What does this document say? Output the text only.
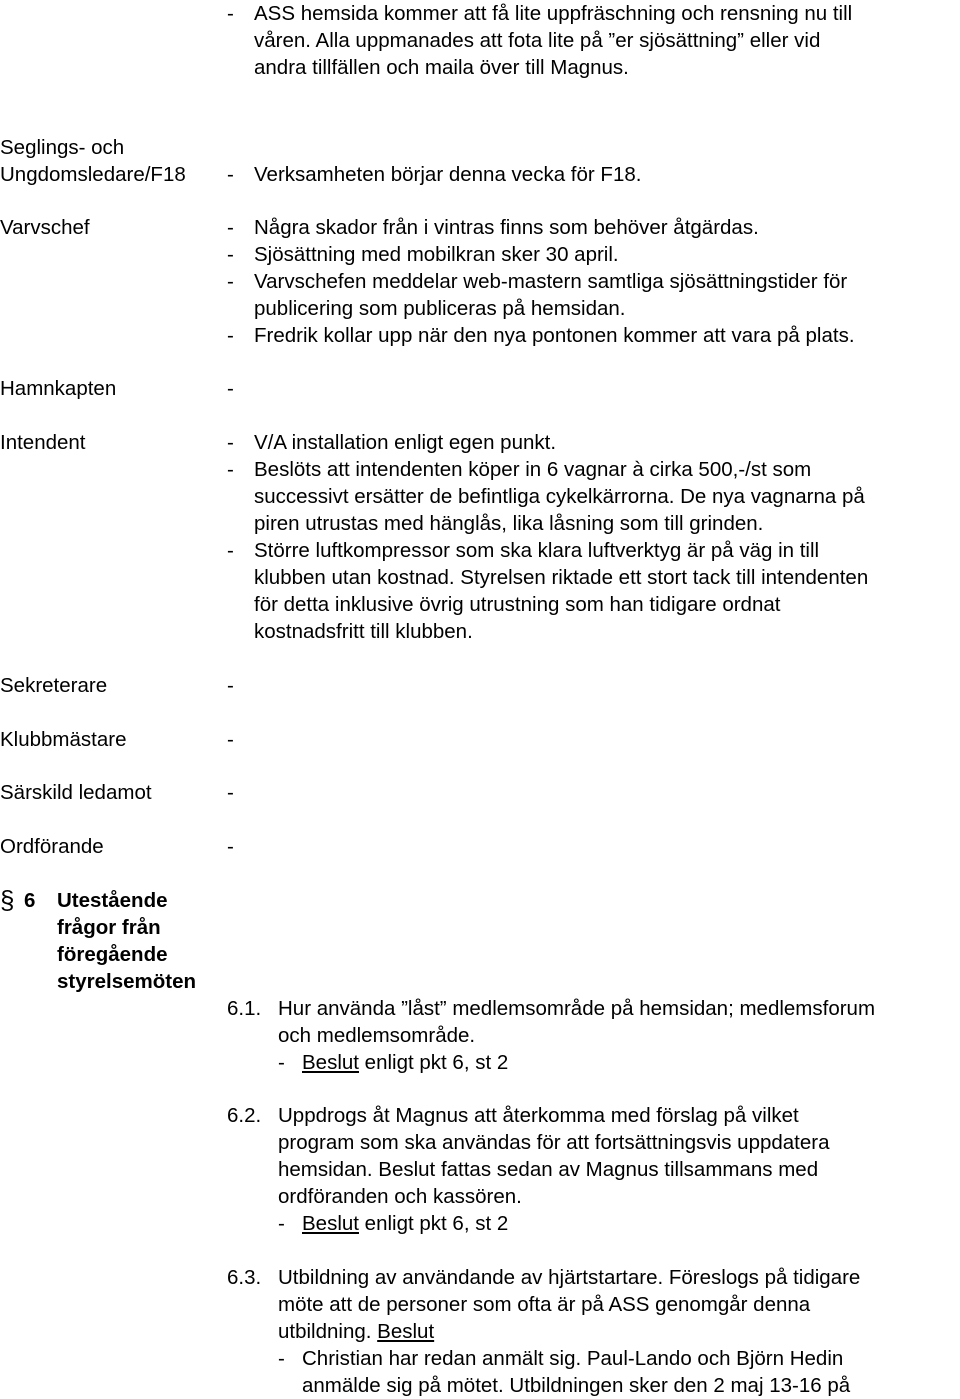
- ASS hemsida kommer att få lite uppfräschning och rensning nu till
våren. Alla uppmanades att fota lite på ”er sjösättning” eller vid
andra tillfällen och maila över till Magnus.
Seglings- och
Ungdomsledare/F18 - Verksamheten börjar denna vecka för F18.
Varvschef	- Några skador från i vintras finns som behöver åtgärdas.
- Sjösättning med mobilkran sker 30 april.
- Varvschefen meddelar web-mastern samtliga sjösättningstider för
publicering som publiceras på hemsidan.
- Fredrik kollar upp när den nya pontonen kommer att vara på plats.
Hamnkapten	-
Intendent	- V/A installation enligt egen punkt.
- Beslöts att intendenten köper in 6 vagnar à cirka 500,-/st som
successivt ersätter de befintliga cykelkärrorna. De nya vagnarna på
piren utrustas med hänglås, lika låsning som till grinden.
- Större luftkompressor som ska klara luftverktyg är på väg in till
klubben utan kostnad. Styrelsen riktade ett stort tack till intendenten
för detta inklusive övrig utrustning som han tidigare ordnat
kostnadsfritt till klubben.
Sekreterare	-
Klubbmästare	-
Särskild ledamot	-
Ordförande	-
§ 6 Utestående
frågor från
föregående
styrelsemöten
6.1. Hur använda ”låst” medlemsområde på hemsidan; medlemsforum
och medlemsområde.
- Beslut enligt pkt 6, st 2
6.2. Uppdrogs åt Magnus att återkomma med förslag på vilket
program som ska användas för att fortsättningsvis uppdatera
hemsidan. Beslut fattas sedan av Magnus tillsammans med
ordföranden och kassören.
- Beslut enligt pkt 6, st 2
6.3. Utbildning av användande av hjärtstartare. Föreslogs på tidigare
möte att de personer som ofta är på ASS genomgår denna
utbildning. Beslut
- Christian har redan anmält sig. Paul-Lando och Björn Hedin
anmälde sig på mötet. Utbildningen sker den 2 maj 13-16 på
